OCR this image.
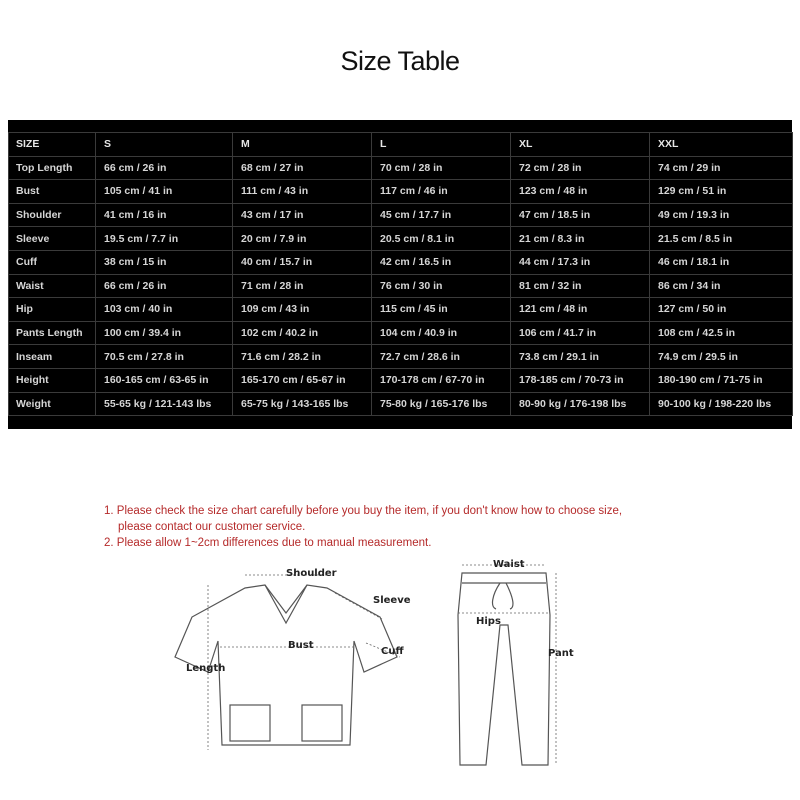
Size Table
SIZE	S	M	L	XL	XXL
Top Length	66 cm / 26 in	68 cm / 27 in	70 cm / 28 in	72 cm / 28 in	74 cm / 29 in
Bust	105 cm / 41 in	111 cm / 43 in	117 cm / 46 in	123 cm / 48 in	129 cm / 51 in
Shoulder	41 cm / 16 in	43 cm / 17 in	45 cm / 17.7 in	47 cm / 18.5 in	49 cm / 19.3 in
Sleeve	19.5 cm / 7.7 in	20 cm / 7.9 in	20.5 cm / 8.1 in	21 cm / 8.3 in	21.5 cm / 8.5 in
Cuff	38 cm / 15 in	40 cm / 15.7 in	42 cm / 16.5 in	44 cm / 17.3 in	46 cm / 18.1 in
Waist	66 cm / 26 in	71 cm / 28 in	76 cm / 30 in	81 cm / 32 in	86 cm / 34 in
Hip	103 cm / 40 in	109 cm / 43 in	115 cm / 45 in	121 cm / 48 in	127 cm / 50 in
Pants Length	100 cm / 39.4 in	102 cm / 40.2 in	104 cm / 40.9 in	106 cm / 41.7 in	108 cm / 42.5 in
Inseam	70.5 cm / 27.8 in	71.6 cm / 28.2 in	72.7 cm / 28.6 in	73.8 cm / 29.1 in	74.9 cm / 29.5 in
Height	160-165 cm / 63-65 in	165-170 cm / 65-67 in	170-178 cm / 67-70 in	178-185 cm / 70-73 in	180-190 cm / 71-75 in
Weight	55-65 kg / 121-143 lbs	65-75 kg / 143-165 lbs	75-80 kg / 165-176 lbs	80-90 kg / 176-198 lbs	90-100 kg / 198-220 lbs
1. Please check the size chart carefully before you buy the item, if you don't know how to choose size,
please contact our customer service.
2. Please allow 1~2cm differences due to manual measurement.
Shoulder
Sleeve
Bust
Cuff
Length
Waist
Hips
Pant
